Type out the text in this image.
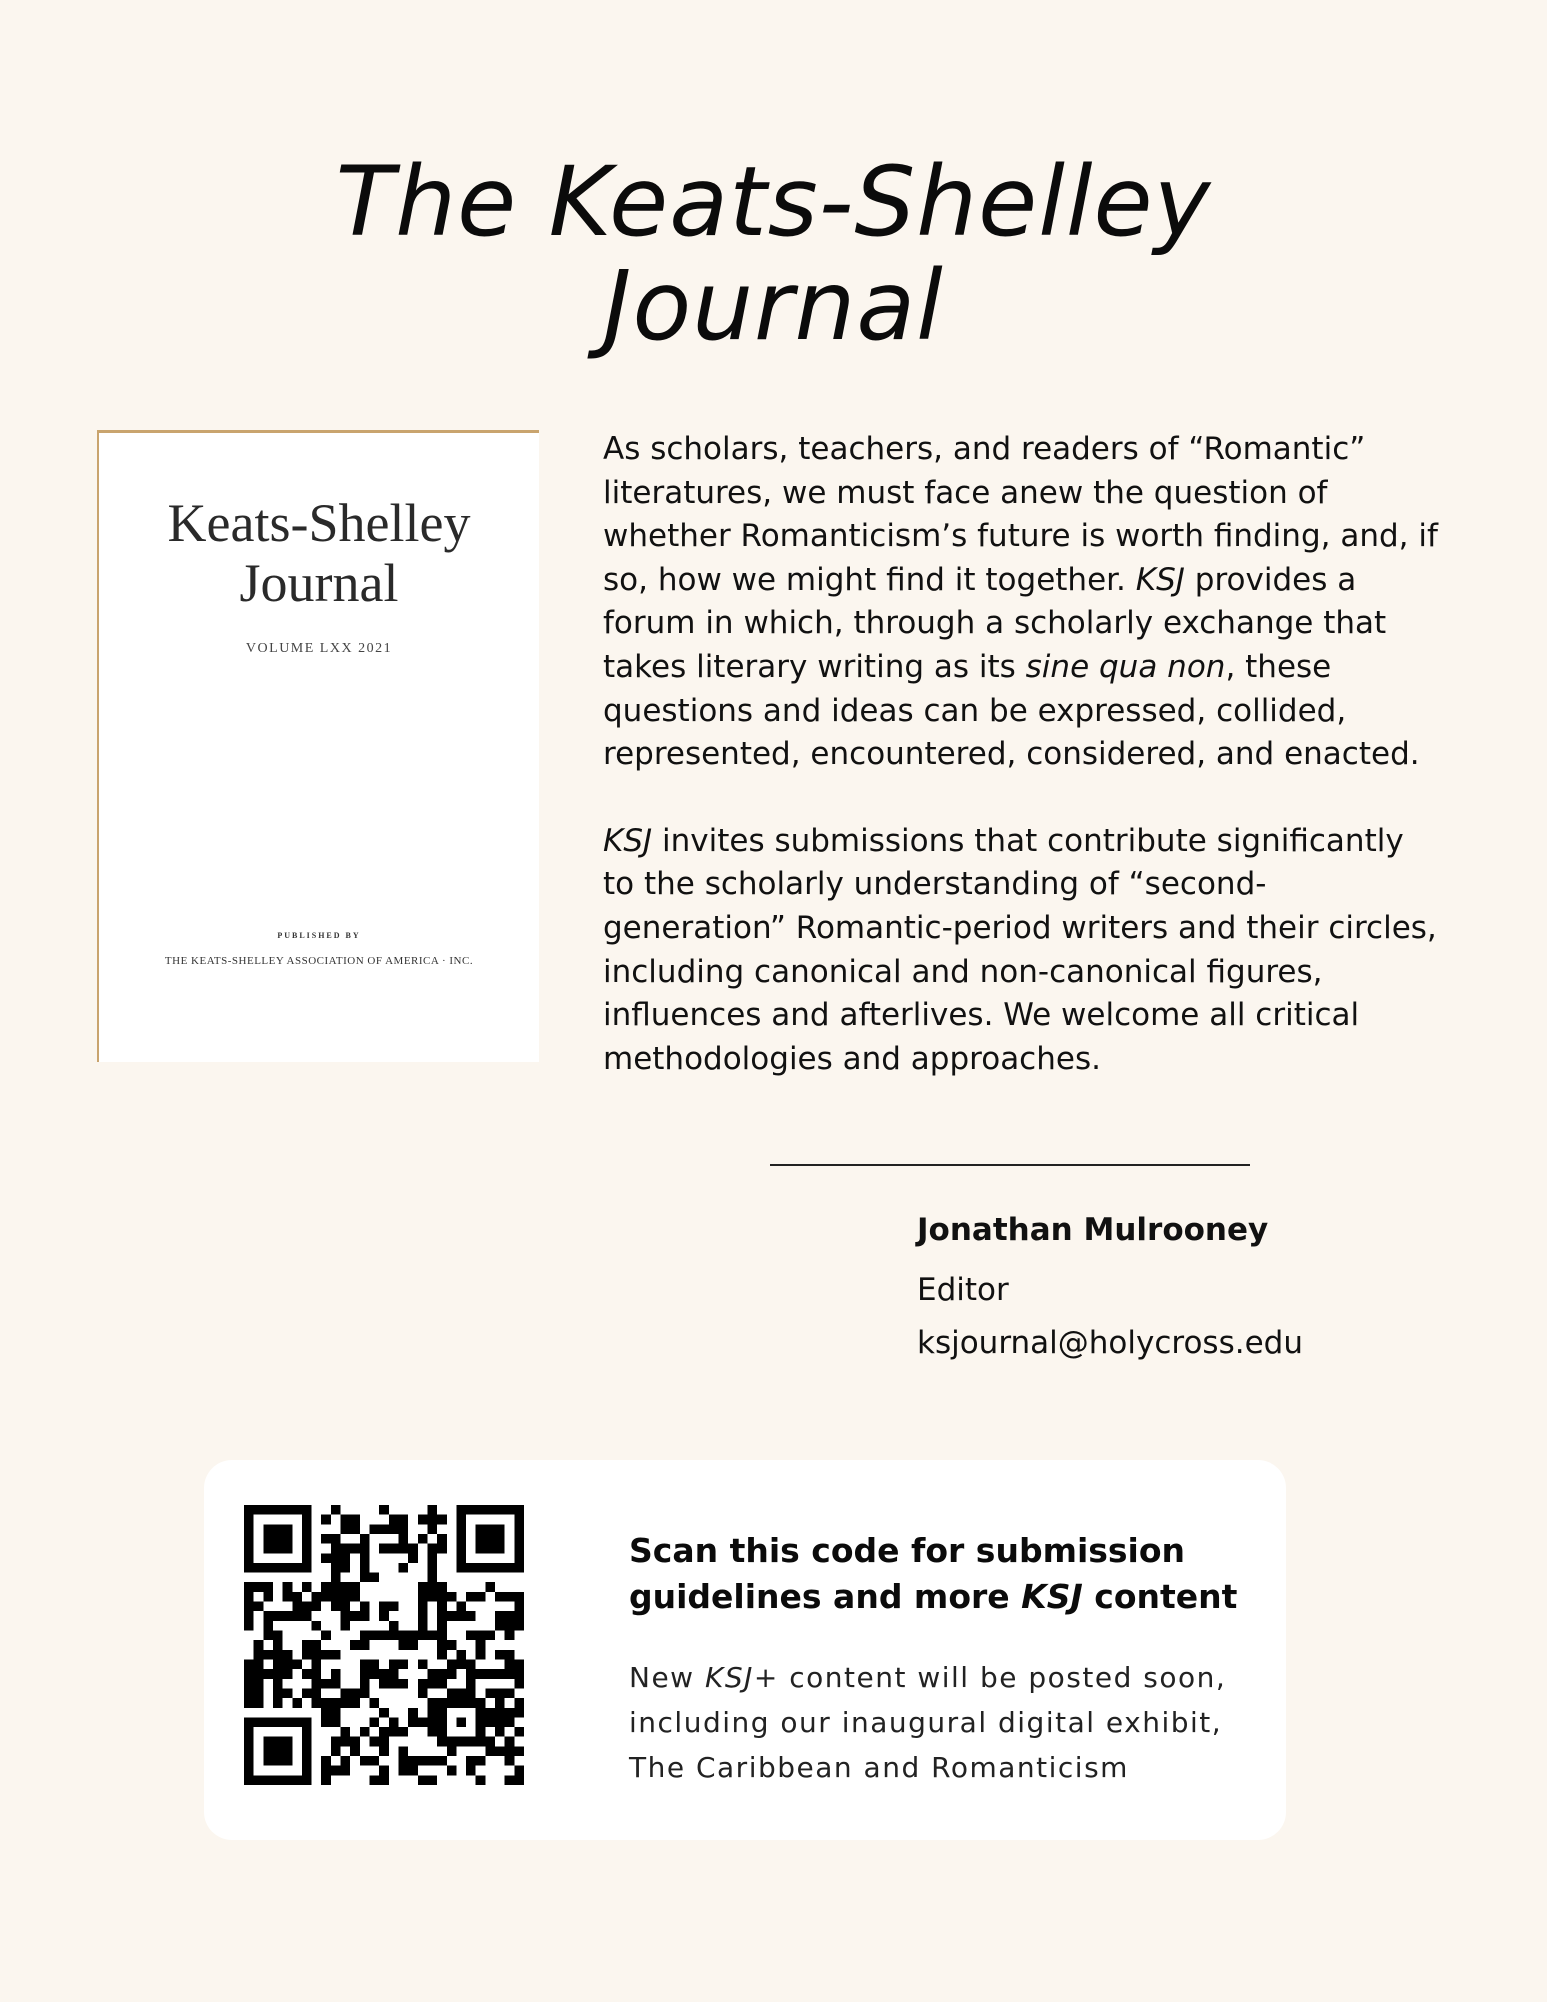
The Keats-Shelley
Journal
Keats-Shelley
Journal
VOLUME LXX 2021
PUBLISHED BY
THE KEATS-SHELLEY ASSOCIATION OF AMERICA · INC.

As scholars, teachers, and readers of “Romantic” literatures, we must face anew the question of whether Romanticism’s future is worth finding, and, if so, how we might find it together. KSJ provides a forum in which, through a scholarly exchange that takes literary writing as its sine qua non, these questions and ideas can be expressed, collided, represented, encountered, considered, and enacted.

KSJ invites submissions that contribute significantly to the scholarly understanding of “second-generation” Romantic-period writers and their circles, including canonical and non-canonical figures, influences and afterlives. We welcome all critical methodologies and approaches.

Jonathan Mulrooney
Editor
ksjournal@holycross.edu
Scan this code for submission guidelines and more KSJ content
New KSJ+ content will be posted soon, including our inaugural digital exhibit, The Caribbean and Romanticism
